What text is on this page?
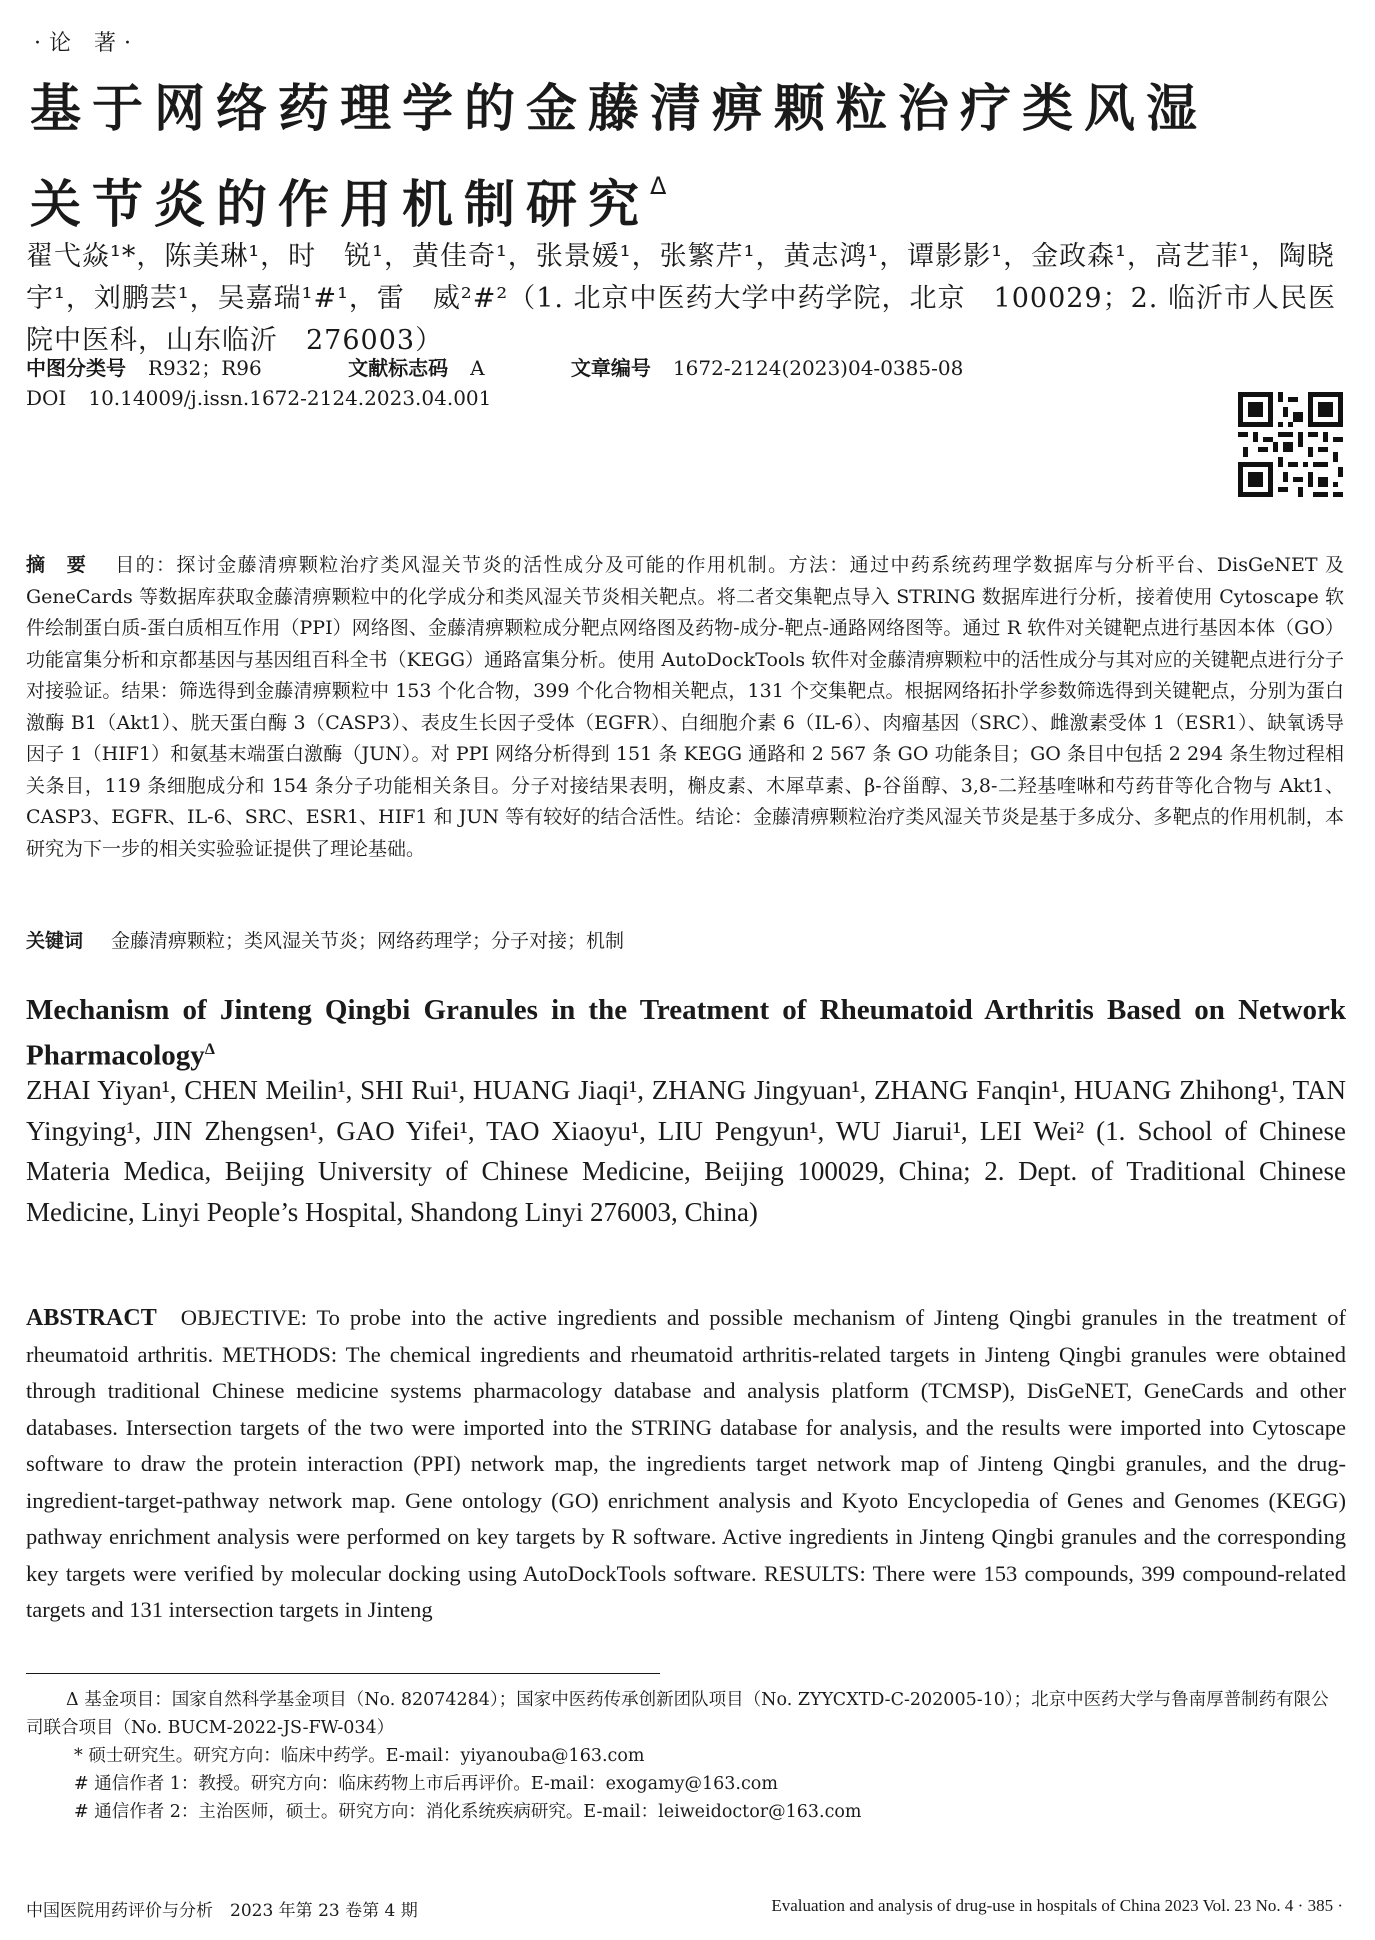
·论 著·
基于网络药理学的金藤清痹颗粒治疗类风湿
关节炎的作用机制研究$^\Delta$
翟弋焱¹*，陈美琳¹，时　锐¹，黄佳奇¹，张景媛¹，张繁芹¹，黄志鸿¹，谭影影¹，金政森¹，高艺菲¹，陶晓宇¹，刘鹏芸¹，吴嘉瑞¹#¹，雷　威²#²（1. 北京中医药大学中药学院，北京　100029；2. 临沂市人民医院中医科，山东临沂　276003）
中图分类号 R932；R96	文献标志码 A	文章编号 1672-2124(2023)04-0385-08
DOI 10.14009/j.issn.1672-2124.2023.04.001
摘　要 目的：探讨金藤清痹颗粒治疗类风湿关节炎的活性成分及可能的作用机制。方法：通过中药系统药理学数据库与分析平台、DisGeNET 及 GeneCards 等数据库获取金藤清痹颗粒中的化学成分和类风湿关节炎相关靶点。将二者交集靶点导入 STRING 数据库进行分析，接着使用 Cytoscape 软件绘制蛋白质-蛋白质相互作用（PPI）网络图、金藤清痹颗粒成分靶点网络图及药物-成分-靶点-通路网络图等。通过 R 软件对关键靶点进行基因本体（GO）功能富集分析和京都基因与基因组百科全书（KEGG）通路富集分析。使用 AutoDockTools 软件对金藤清痹颗粒中的活性成分与其对应的关键靶点进行分子对接验证。结果：筛选得到金藤清痹颗粒中 153 个化合物，399 个化合物相关靶点，131 个交集靶点。根据网络拓扑学参数筛选得到关键靶点，分别为蛋白激酶 B1（Akt1）、胱天蛋白酶 3（CASP3）、表皮生长因子受体（EGFR）、白细胞介素 6（IL-6）、肉瘤基因（SRC）、雌激素受体 1（ESR1）、缺氧诱导因子 1（HIF1）和氨基末端蛋白激酶（JUN）。对 PPI 网络分析得到 151 条 KEGG 通路和 2 567 条 GO 功能条目；GO 条目中包括 2 294 条生物过程相关条目，119 条细胞成分和 154 条分子功能相关条目。分子对接结果表明，槲皮素、木犀草素、β-谷甾醇、3,8-二羟基喹啉和芍药苷等化合物与 Akt1、CASP3、EGFR、IL-6、SRC、ESR1、HIF1 和 JUN 等有较好的结合活性。结论：金藤清痹颗粒治疗类风湿关节炎是基于多成分、多靶点的作用机制，本研究为下一步的相关实验验证提供了理论基础。
关键词 金藤清痹颗粒；类风湿关节炎；网络药理学；分子对接；机制
Mechanism of Jinteng Qingbi Granules in the Treatment of Rheumatoid Arthritis Based on Network Pharmacology$^\Delta$
ZHAI Yiyan¹, CHEN Meilin¹, SHI Rui¹, HUANG Jiaqi¹, ZHANG Jingyuan¹, ZHANG Fanqin¹, HUANG Zhihong¹, TAN Yingying¹, JIN Zhengsen¹, GAO Yifei¹, TAO Xiaoyu¹, LIU Pengyun¹, WU Jiarui¹, LEI Wei² (1. School of Chinese Materia Medica, Beijing University of Chinese Medicine, Beijing 100029, China; 2. Dept. of Traditional Chinese Medicine, Linyi People’s Hospital, Shandong Linyi 276003, China)
ABSTRACT OBJECTIVE: To probe into the active ingredients and possible mechanism of Jinteng Qingbi granules in the treatment of rheumatoid arthritis. METHODS: The chemical ingredients and rheumatoid arthritis-related targets in Jinteng Qingbi granules were obtained through traditional Chinese medicine systems pharmacology database and analysis platform (TCMSP), DisGeNET, GeneCards and other databases. Intersection targets of the two were imported into the STRING database for analysis, and the results were imported into Cytoscape software to draw the protein interaction (PPI) network map, the ingredients target network map of Jinteng Qingbi granules, and the drug-ingredient-target-pathway network map. Gene ontology (GO) enrichment analysis and Kyoto Encyclopedia of Genes and Genomes (KEGG) pathway enrichment analysis were performed on key targets by R software. Active ingredients in Jinteng Qingbi granules and the corresponding key targets were verified by molecular docking using AutoDockTools software. RESULTS: There were 153 compounds, 399 compound-related targets and 131 intersection targets in Jinteng
Δ 基金项目：国家自然科学基金项目（No. 82074284）；国家中医药传承创新团队项目（No. ZYYCXTD-C-202005-10）；北京中医药大学与鲁南厚普制药有限公司联合项目（No. BUCM-2022-JS-FW-034）
* 硕士研究生。研究方向：临床中药学。E-mail：yiyanouba@163.com
# 通信作者 1：教授。研究方向：临床药物上市后再评价。E-mail：exogamy@163.com
# 通信作者 2：主治医师，硕士。研究方向：消化系统疾病研究。E-mail：leiweidoctor@163.com
中国医院用药评价与分析　2023 年第 23 卷第 4 期	Evaluation and analysis of drug-use in hospitals of China 2023 Vol. 23 No. 4 · 385 ·
